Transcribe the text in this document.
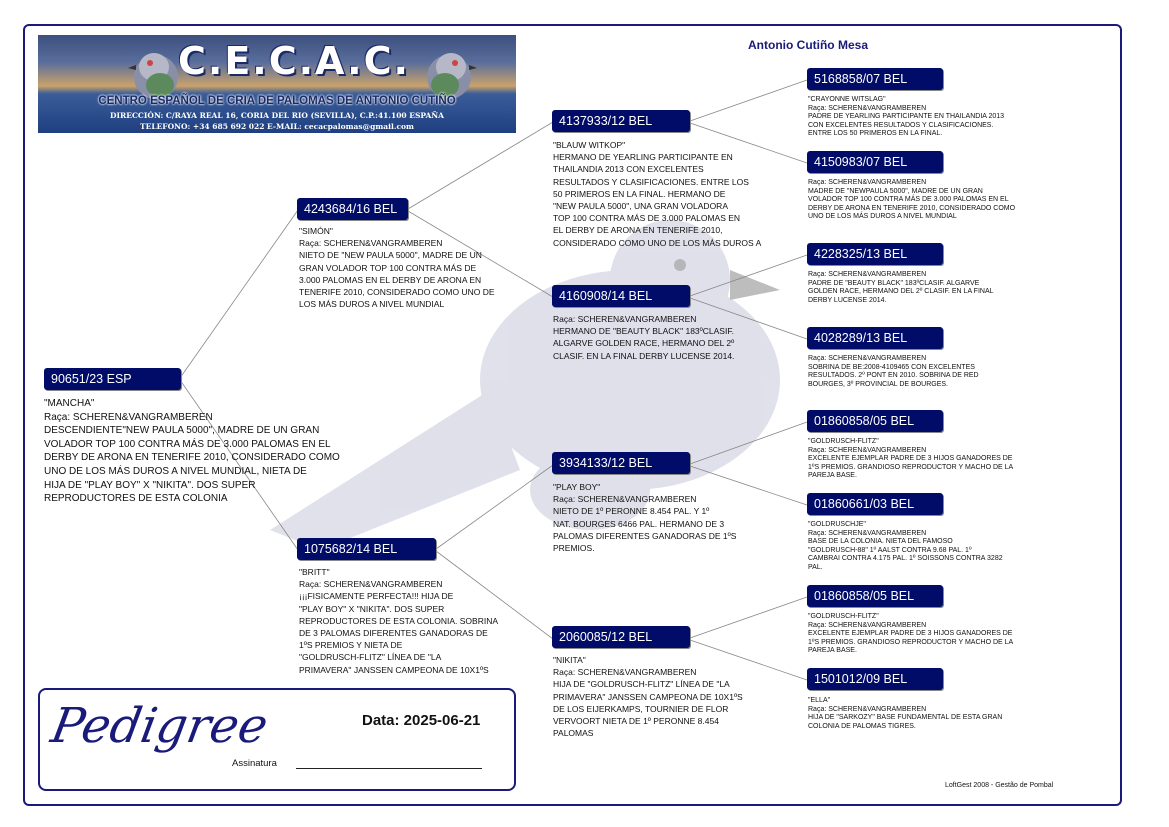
Antonio Cutiño Mesa
C.E.C.A.C.
CENTRO ESPAÑOL DE CRIA DE PALOMAS DE ANTONIO CUTIÑO
DIRECCIÓN: C/RAYA REAL 16, CORIA DEL RIO (SEVILLA), C.P.:41.100 ESPAÑA
TELEFONO: +34 685 692 022 E-MAIL: cecacpalomas@gmail.com
90651/23 ESP
"MANCHA"
Raça: SCHEREN&VANGRAMBEREN
DESCENDIENTE"NEW PAULA 5000", MADRE DE UN GRAN
VOLADOR TOP 100 CONTRA MÁS DE 3.000 PALOMAS EN EL
DERBY DE ARONA EN TENERIFE 2010, CONSIDERADO COMO
UNO DE LOS MÁS DUROS A NIVEL MUNDIAL, NIETA DE
HIJA DE "PLAY BOY" X "NIKITA". DOS SUPER
REPRODUCTORES DE ESTA COLONIA
4243684/16 BEL
"SIMÓN"
Raça: SCHEREN&VANGRAMBEREN
NIETO DE "NEW PAULA 5000", MADRE DE UN
GRAN VOLADOR TOP 100 CONTRA MÁS DE
3.000 PALOMAS EN EL DERBY DE ARONA EN
TENERIFE 2010, CONSIDERADO COMO UNO DE
LOS MÁS DUROS A NIVEL MUNDIAL
1075682/14 BEL
"BRITT"
Raça: SCHEREN&VANGRAMBEREN
¡¡¡FISICAMENTE PERFECTA!!! HIJA DE
"PLAY BOY" X "NIKITA". DOS SUPER
REPRODUCTORES DE ESTA COLONIA. SOBRINA
DE 3 PALOMAS DIFERENTES GANADORAS DE
1ºS PREMIOS Y NIETA DE
"GOLDRUSCH-FLITZ" LÍNEA DE "LA
PRIMAVERA" JANSSEN CAMPEONA DE 10X1ºS
4137933/12 BEL
"BLAUW WITKOP"
HERMANO DE YEARLING PARTICIPANTE EN
THAILANDIA 2013 CON EXCELENTES
RESULTADOS Y CLASIFICACIONES. ENTRE LOS
50 PRIMEROS EN LA FINAL. HERMANO DE
"NEW PAULA 5000", UNA GRAN VOLADORA
TOP 100 CONTRA MÁS DE 3.000 PALOMAS EN
EL DERBY DE ARONA EN TENERIFE 2010,
CONSIDERADO COMO UNO DE LOS MÁS DUROS A
4160908/14 BEL
Raça: SCHEREN&VANGRAMBEREN
HERMANO DE "BEAUTY BLACK" 183ºCLASIF.
ALGARVE GOLDEN RACE, HERMANO DEL 2º
CLASIF. EN LA FINAL DERBY LUCENSE 2014.
3934133/12 BEL
"PLAY BOY"
Raça: SCHEREN&VANGRAMBEREN
NIETO DE 1º PERONNE 8.454 PAL. Y 1º
NAT. BOURGES 6466 PAL. HERMANO DE 3
PALOMAS DIFERENTES GANADORAS DE 1ºS
PREMIOS.
2060085/12 BEL
"NIKITA"
Raça: SCHEREN&VANGRAMBEREN
HIJA DE "GOLDRUSCH-FLITZ" LÍNEA DE "LA
PRIMAVERA" JANSSEN CAMPEONA DE 10X1ºS
DE LOS EIJERKAMPS, TOURNIER DE FLOR
VERVOORT NIETA DE 1º PERONNE 8.454
PALOMAS
5168858/07 BEL
"CRAYONNE WITSLAG"
Raça: SCHEREN&VANGRAMBEREN
PADRE DE YEARLING PARTICIPANTE EN THAILANDIA 2013
CON EXCELENTES RESULTADOS Y CLASIFICACIONES.
ENTRE LOS 50 PRIMEROS EN LA FINAL.
4150983/07 BEL
Raça: SCHEREN&VANGRAMBEREN
MADRE DE "NEWPAULA 5000", MADRE DE UN GRAN
VOLADOR TOP 100 CONTRA MÁS DE 3.000 PALOMAS EN EL
DERBY DE ARONA EN TENERIFE 2010, CONSIDERADO COMO
UNO DE LOS MÁS DUROS A NIVEL MUNDIAL
4228325/13 BEL
Raça: SCHEREN&VANGRAMBEREN
PADRE DE "BEAUTY BLACK" 183ºCLASIF. ALGARVE
GOLDEN RACE, HERMANO DEL 2º CLASIF. EN LA FINAL
DERBY LUCENSE 2014.
4028289/13 BEL
Raça: SCHEREN&VANGRAMBEREN
SOBRINA DE BE:2008-4109465 CON EXCELENTES
RESULTADOS. 2º PONT EN 2010. SOBRINA DE RED
BOURGES, 3º PROVINCIAL DE BOURGES.
01860858/05 BEL
"GOLDRUSCH-FLITZ"
Raça: SCHEREN&VANGRAMBEREN
EXCELENTE EJEMPLAR PADRE DE 3 HIJOS GANADORES DE
1ºS PREMIOS. GRANDIOSO REPRODUCTOR Y MACHO DE LA
PAREJA BASE.
01860661/03 BEL
"GOLDRUSCHJE"
Raça: SCHEREN&VANGRAMBEREN
BASE DE LA COLONIA. NIETA DEL FAMOSO
"GOLDRUSCH-88" 1º AALST CONTRA 9.68 PAL. 1º
CAMBRAI CONTRA 4.175 PAL. 1º SOISSONS CONTRA 3282
PAL.
01860858/05 BEL
"GOLDRUSCH-FLITZ"
Raça: SCHEREN&VANGRAMBEREN
EXCELENTE EJEMPLAR PADRE DE 3 HIJOS GANADORES DE
1ºS PREMIOS. GRANDIOSO REPRODUCTOR Y MACHO DE LA
PAREJA BASE.
1501012/09 BEL
"ELLA"
Raça: SCHEREN&VANGRAMBEREN
HIJA DE "SARKOZY" BASE FUNDAMENTAL DE ESTA GRAN
COLONIA DE PALOMAS TIGRES.
Pedigree	Data: 2025-06-21
Assinatura
LoftGest 2008 - Gestão de Pombal
